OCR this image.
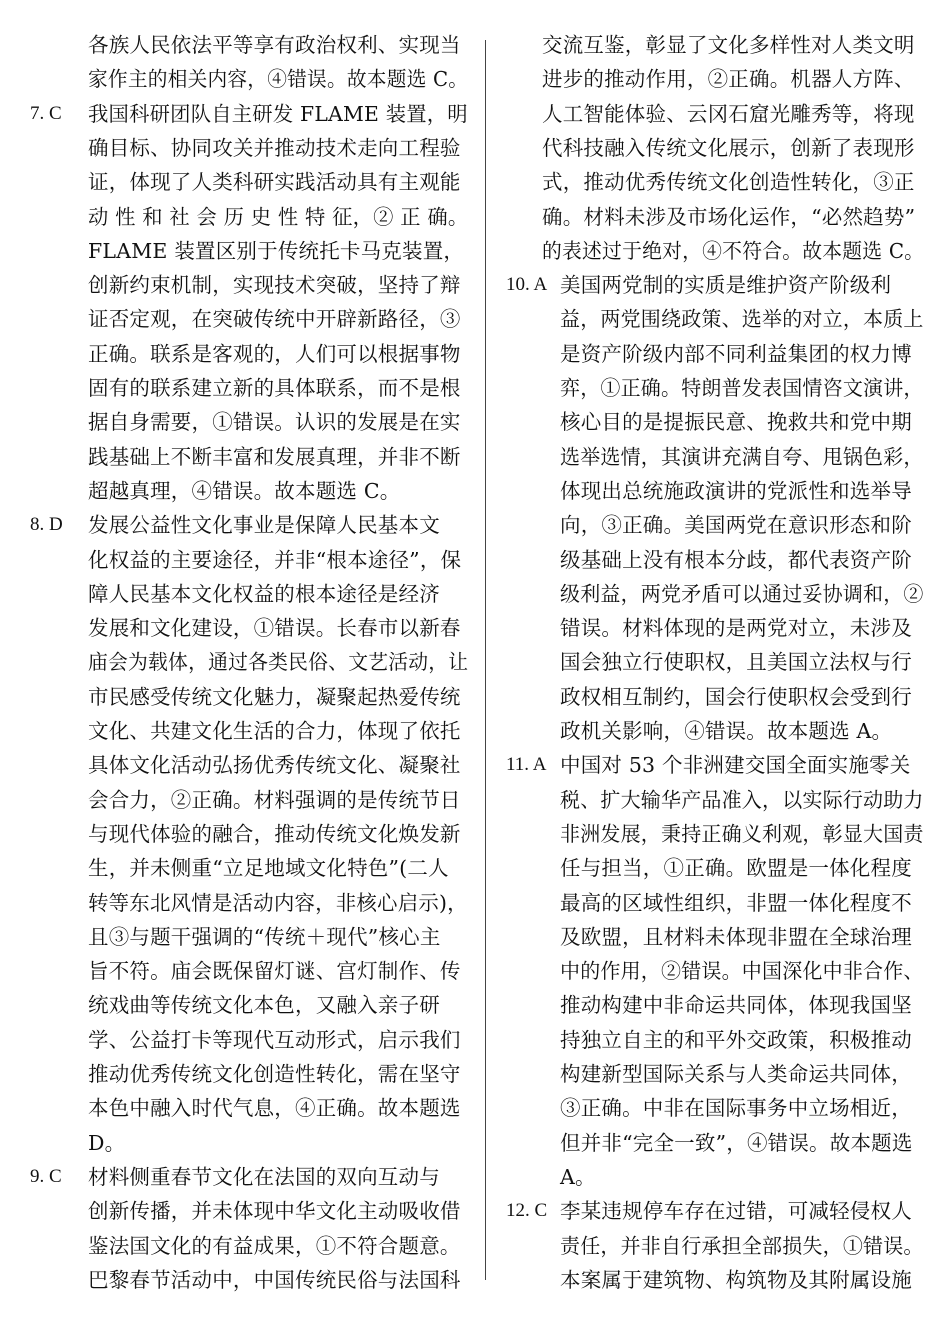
各族人民依法平等享有政治权利、实现当
家作主的相关内容，④错误。故本题选 C。
7. C 我国科研团队自主研发 FLAME 装置，明
确目标、协同攻关并推动技术走向工程验
证，体现了人类科研实践活动具有主观能
动 性 和 社 会 历 史 性 特 征，② 正 确。
FLAME 装置区别于传统托卡马克装置，
创新约束机制，实现技术突破，坚持了辩
证否定观，在突破传统中开辟新路径，③
正确。联系是客观的，人们可以根据事物
固有的联系建立新的具体联系，而不是根
据自身需要，①错误。认识的发展是在实
践基础上不断丰富和发展真理，并非不断
超越真理，④错误。故本题选 C。
8. D 发展公益性文化事业是保障人民基本文
化权益的主要途径，并非“根本途径”，保
障人民基本文化权益的根本途径是经济
发展和文化建设，①错误。长春市以新春
庙会为载体，通过各类民俗、文艺活动，让
市民感受传统文化魅力，凝聚起热爱传统
文化、共建文化生活的合力，体现了依托
具体文化活动弘扬优秀传统文化、凝聚社
会合力，②正确。材料强调的是传统节日
与现代体验的融合，推动传统文化焕发新
生，并未侧重“立足地域文化特色”(二人
转等东北风情是活动内容，非核心启示)，
且③与题干强调的“传统＋现代”核心主
旨不符。庙会既保留灯谜、宫灯制作、传
统戏曲等传统文化本色，又融入亲子研
学、公益打卡等现代互动形式，启示我们
推动优秀传统文化创造性转化，需在坚守
本色中融入时代气息，④正确。故本题选
D。
9. C 材料侧重春节文化在法国的双向互动与
创新传播，并未体现中华文化主动吸收借
鉴法国文化的有益成果，①不符合题意。
巴黎春节活动中，中国传统民俗与法国科
交流互鉴，彰显了文化多样性对人类文明
进步的推动作用，②正确。机器人方阵、
人工智能体验、云冈石窟光雕秀等，将现
代科技融入传统文化展示，创新了表现形
式，推动优秀传统文化创造性转化，③正
确。材料未涉及市场化运作，“必然趋势”
的表述过于绝对，④不符合。故本题选 C。
10. A 美国两党制的实质是维护资产阶级利
益，两党围绕政策、选举的对立，本质上
是资产阶级内部不同利益集团的权力博
弈，①正确。特朗普发表国情咨文演讲，
核心目的是提振民意、挽救共和党中期
选举选情，其演讲充满自夸、甩锅色彩，
体现出总统施政演讲的党派性和选举导
向，③正确。美国两党在意识形态和阶
级基础上没有根本分歧，都代表资产阶
级利益，两党矛盾可以通过妥协调和，②
错误。材料体现的是两党对立，未涉及
国会独立行使职权，且美国立法权与行
政权相互制约，国会行使职权会受到行
政机关影响，④错误。故本题选 A。
11. A 中国对 53 个非洲建交国全面实施零关
税、扩大输华产品准入，以实际行动助力
非洲发展，秉持正确义利观，彰显大国责
任与担当，①正确。欧盟是一体化程度
最高的区域性组织，非盟一体化程度不
及欧盟，且材料未体现非盟在全球治理
中的作用，②错误。中国深化中非合作、
推动构建中非命运共同体，体现我国坚
持独立自主的和平外交政策，积极推动
构建新型国际关系与人类命运共同体，
③正确。中非在国际事务中立场相近，
但并非“完全一致”，④错误。故本题选
A。
12. C 李某违规停车存在过错，可减轻侵权人
责任，并非自行承担全部损失，①错误。
本案属于建筑物、构筑物及其附属设施
